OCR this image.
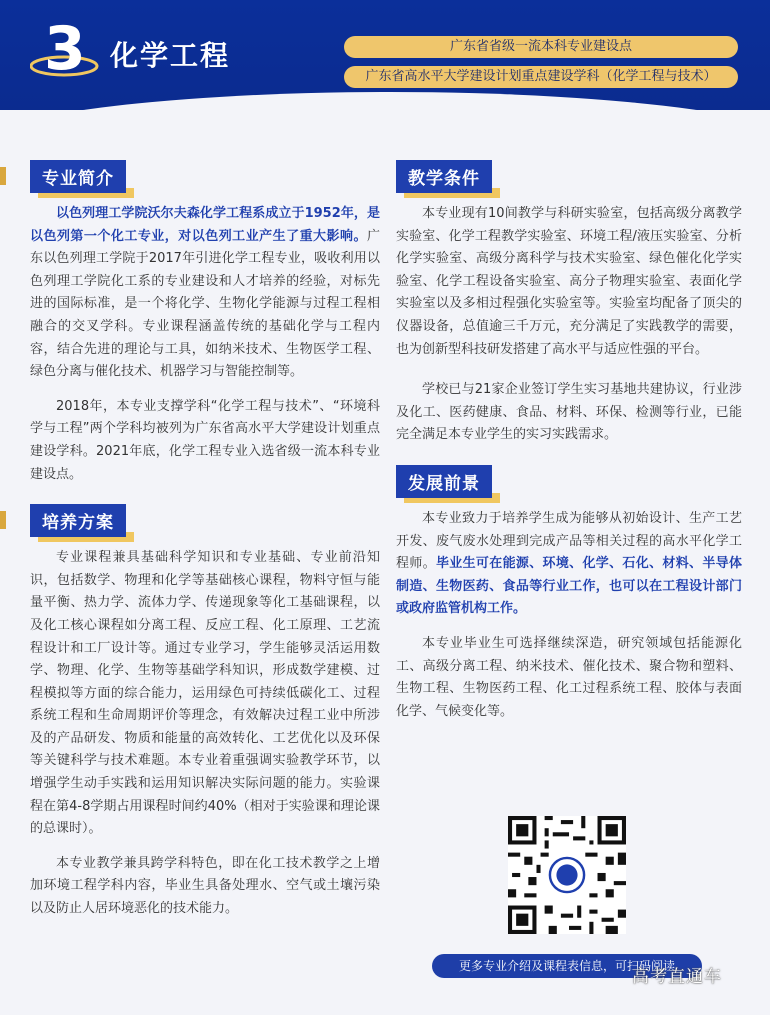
3 化学工程	广东省省级一流本科专业建设点
广东省高水平大学建设计划重点建设学科（化学工程与技术）
专业简介

以色列理工学院沃尔夫森化学工程系成立于1952年，是以色列第一个化工专业，对以色列工业产生了重大影响。广东以色列理工学院于2017年引进化学工程专业，吸收利用以色列理工学院化工系的专业建设和人才培养的经验，对标先进的国际标准，是一个将化学、生物化学能源与过程工程相融合的交叉学科。专业课程涵盖传统的基础化学与工程内容，结合先进的理论与工具，如纳米技术、生物医学工程、绿色分离与催化技术、机器学习与智能控制等。

2018年，本专业支撑学科“化学工程与技术”、“环境科学与工程”两个学科均被列为广东省高水平大学建设计划重点建设学科。2021年底，化学工程专业入选省级一流本科专业建设点。

培养方案

专业课程兼具基础科学知识和专业基础、专业前沿知识，包括数学、物理和化学等基础核心课程，物料守恒与能量平衡、热力学、流体力学、传递现象等化工基础课程，以及化工核心课程如分离工程、反应工程、化工原理、工艺流程设计和工厂设计等。通过专业学习，学生能够灵活运用数学、物理、化学、生物等基础学科知识，形成数学建模、过程模拟等方面的综合能力，运用绿色可持续低碳化工、过程系统工程和生命周期评价等理念，有效解决过程工业中所涉及的产品研发、物质和能量的高效转化、工艺优化以及环保等关键科学与技术难题。本专业着重强调实验教学环节，以增强学生动手实践和运用知识解决实际问题的能力。实验课程在第4-8学期占用课程时间约40%（相对于实验课和理论课的总课时）。

本专业教学兼具跨学科特色，即在化工技术教学之上增加环境工程学科内容，毕业生具备处理水、空气或土壤污染以及防止人居环境恶化的技术能力。

教学条件

本专业现有10间教学与科研实验室，包括高级分离教学实验室、化学工程教学实验室、环境工程/液压实验室、分析化学实验室、高级分离科学与技术实验室、绿色催化化学实验室、化学工程设备实验室、高分子物理实验室、表面化学实验室以及多相过程强化实验室等。实验室均配备了顶尖的仪器设备，总值逾三千万元，充分满足了实践教学的需要，也为创新型科技研发搭建了高水平与适应性强的平台。

学校已与21家企业签订学生实习基地共建协议，行业涉及化工、医药健康、食品、材料、环保、检测等行业，已能完全满足本专业学生的实习实践需求。

发展前景

本专业致力于培养学生成为能够从初始设计、生产工艺开发、废气废水处理到完成产品等相关过程的高水平化学工程师。毕业生可在能源、环境、化学、石化、材料、半导体制造、生物医药、食品等行业工作，也可以在工程设计部门或政府监管机构工作。

本专业毕业生可选择继续深造，研究领域包括能源化工、高级分离工程、纳米技术、催化技术、聚合物和塑料、生物工程、生物医药工程、化工过程系统工程、胶体与表面化学、气候变化等。

更多专业介绍及课程表信息，可扫码阅读
高考直通车
